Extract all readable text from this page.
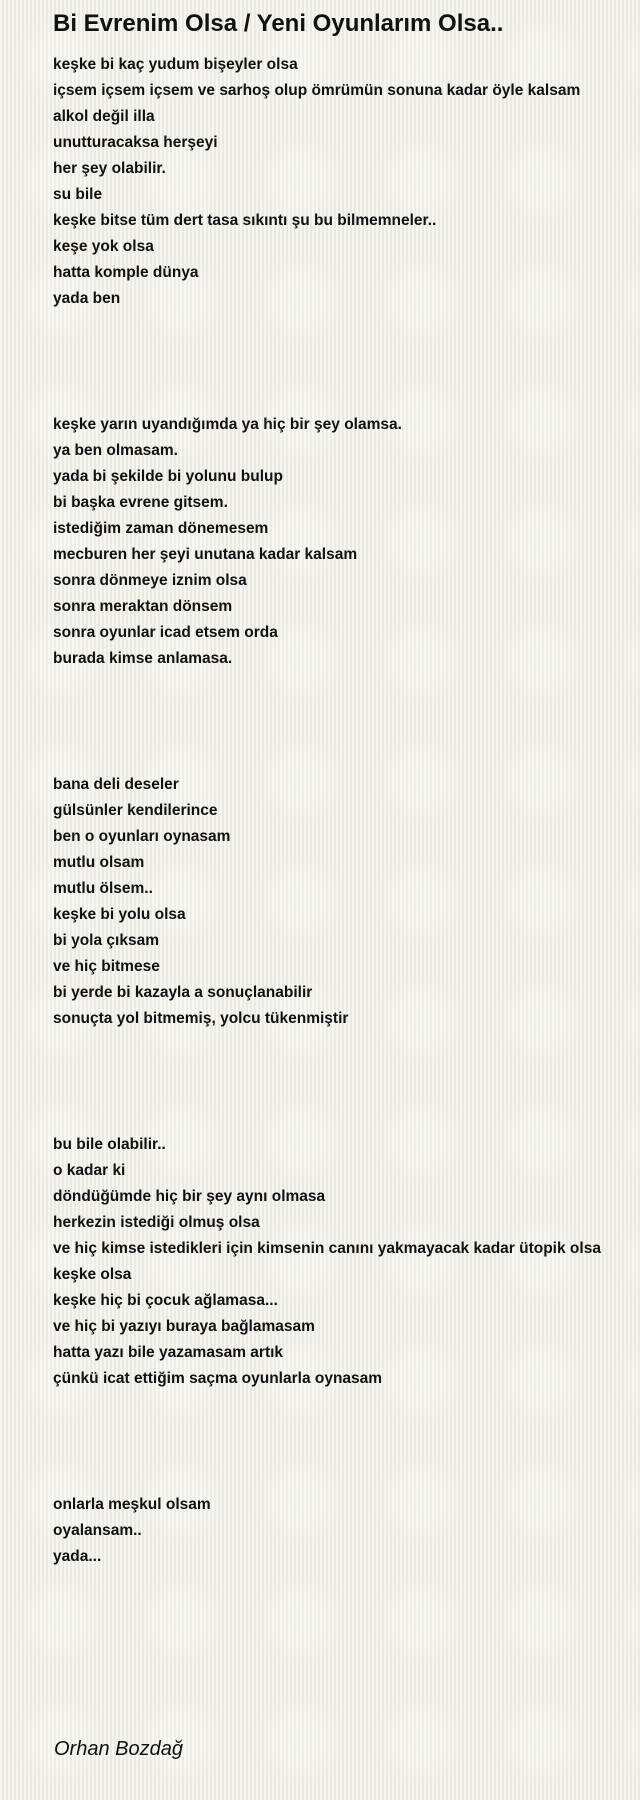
Bi Evrenim Olsa / Yeni Oyunlarım Olsa..
keşke bi kaç yudum bişeyler olsa
içsem içsem içsem ve sarhoş olup ömrümün sonuna kadar öyle kalsam
alkol değil illa
unutturacaksa herşeyi
her şey olabilir.
su bile
keşke bitse tüm dert tasa sıkıntı şu bu bilmemneler..
keşe yok olsa
hatta komple dünya
yada ben
keşke yarın uyandığımda ya hiç bir şey olamsa.
ya ben olmasam.
yada bi şekilde bi yolunu bulup
bi başka evrene gitsem.
istediğim zaman dönemesem
mecburen her şeyi unutana kadar kalsam
sonra dönmeye iznim olsa
sonra meraktan dönsem
sonra oyunlar icad etsem orda
burada kimse anlamasa.
bana deli deseler
gülsünler kendilerince
ben o oyunları oynasam
mutlu olsam
mutlu ölsem..
keşke bi yolu olsa
bi yola çıksam
ve hiç bitmese
bi yerde bi kazayla a sonuçlanabilir
sonuçta yol bitmemiş, yolcu tükenmiştir
bu bile olabilir..
o kadar ki
döndüğümde hiç bir şey aynı olmasa
herkezin istediği olmuş olsa
ve hiç kimse istedikleri için kimsenin canını yakmayacak kadar ütopik olsa
keşke olsa
keşke hiç bi çocuk ağlamasa...
ve hiç bi yazıyı buraya bağlamasam
hatta yazı bile yazamasam artık
çünkü icat ettiğim saçma oyunlarla oynasam
onlarla meşkul olsam
oyalansam..
yada...
Orhan Bozdağ
